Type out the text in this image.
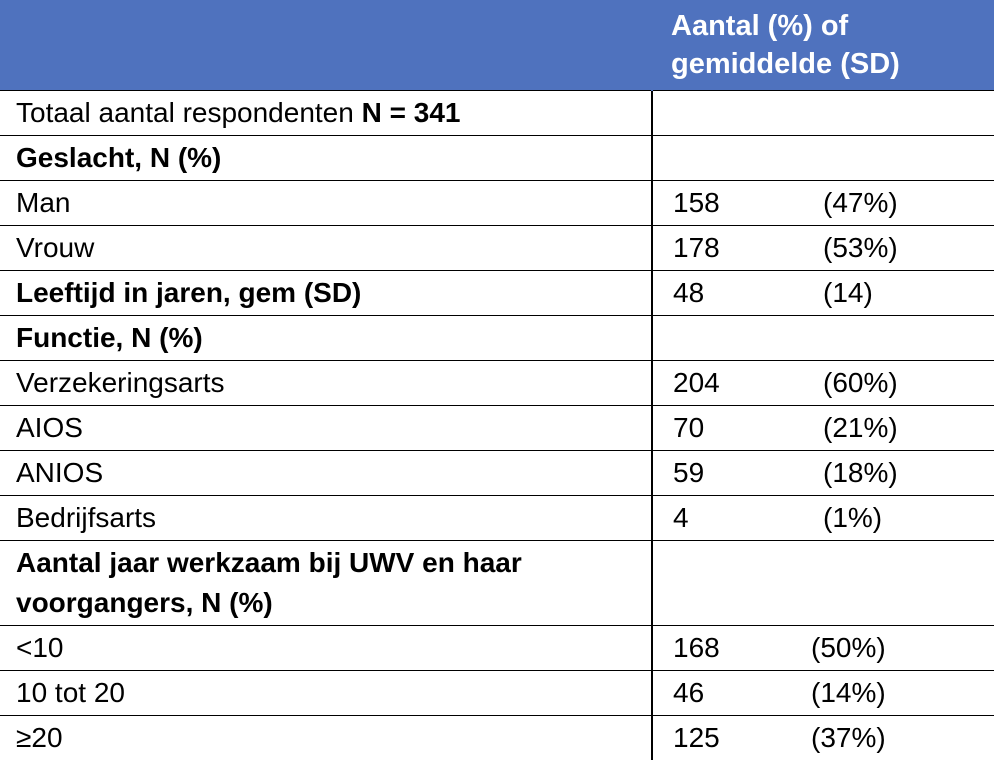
	Aantal (%) of
gemiddelde (SD)
Totaal aantal respondenten N = 341	
Geslacht, N (%)	
Man	158 (47%)
Vrouw	178 (53%)
Leeftijd in jaren, gem (SD)	48 (14)
Functie, N (%)	
Verzekeringsarts	204 (60%)
AIOS	70 (21%)
ANIOS	59 (18%)
Bedrijfsarts	4 (1%)
Aantal jaar werkzaam bij UWV en haar
voorgangers, N (%)	
<10	168 (50%)
10 tot 20	46 (14%)
≥20	125 (37%)
